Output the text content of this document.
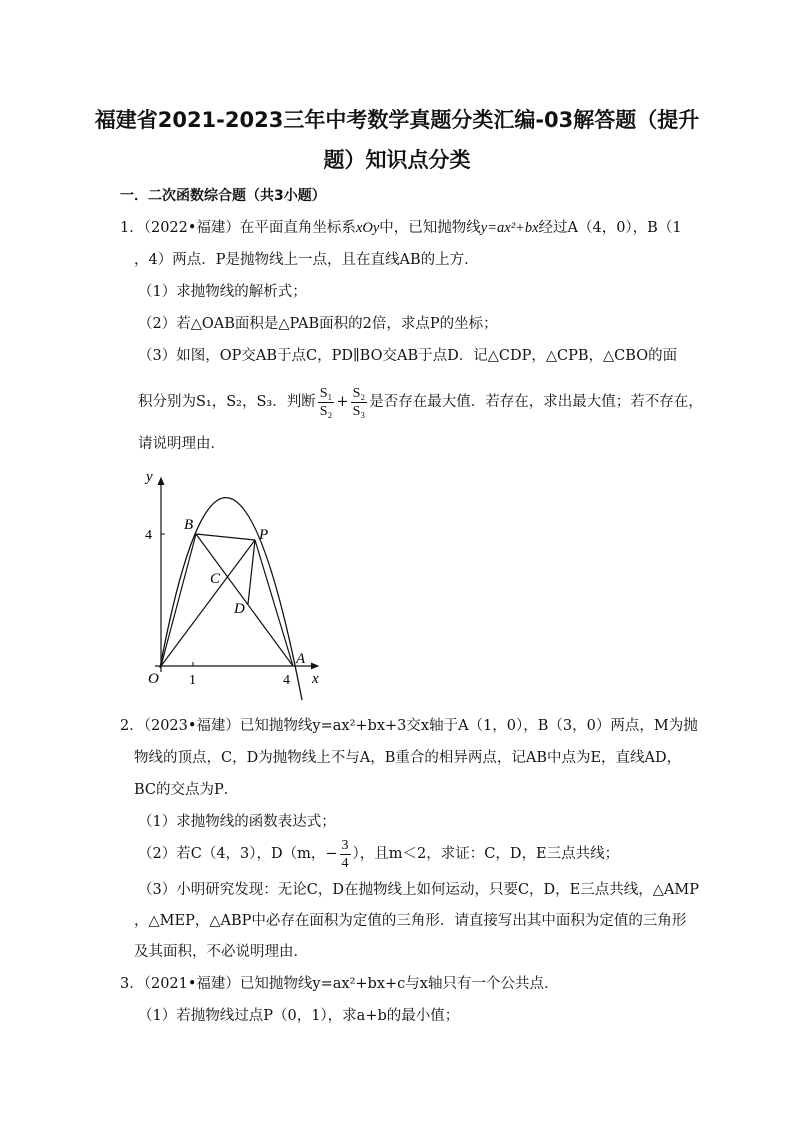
福建省2021-2023三年中考数学真题分类汇编-03解答题（提升
题）知识点分类
一．二次函数综合题（共3小题）
1．（2022•福建）在平面直角坐标系xOy中，已知抛物线y=ax²+bx经过A（4，0），B（1
，4）两点．P是抛物线上一点，且在直线AB的上方．
（1）求抛物线的解析式；
（2）若△OAB面积是△PAB面积的2倍，求点P的坐标；
（3）如图，OP交AB于点C，PD∥BO交AB于点D．记△CDP，△CPB，△CBO的面
积分别为S₁，S₂，S₃．判断 $\frac{\text{S₁}}{\text{S₂}} + \frac{\text{S₂}}{\text{S₃}}$ 是否存在最大值．若存在，求出最大值；若不存在，
请说明理由．
y
x
O 1	4
4
B
P
C
D
A
2．（2023•福建）已知抛物线y=ax²+bx+3交x轴于A（1，0），B（3，0）两点，M为抛
物线的顶点，C，D为抛物线上不与A，B重合的相异两点，记AB中点为E，直线AD，
BC的交点为P．
（1）求抛物线的函数表达式；
（2）若C（4，3），D（m，− $\frac{3}{4}$ ），且m＜2，求证：C，D，E三点共线；
（3）小明研究发现：无论C，D在抛物线上如何运动，只要C，D，E三点共线，△AMP
，△MEP，△ABP中必存在面积为定值的三角形．请直接写出其中面积为定值的三角形
及其面积，不必说明理由．
3．（2021•福建）已知抛物线y=ax²+bx+c与x轴只有一个公共点．
（1）若抛物线过点P（0，1），求a+b的最小值；
